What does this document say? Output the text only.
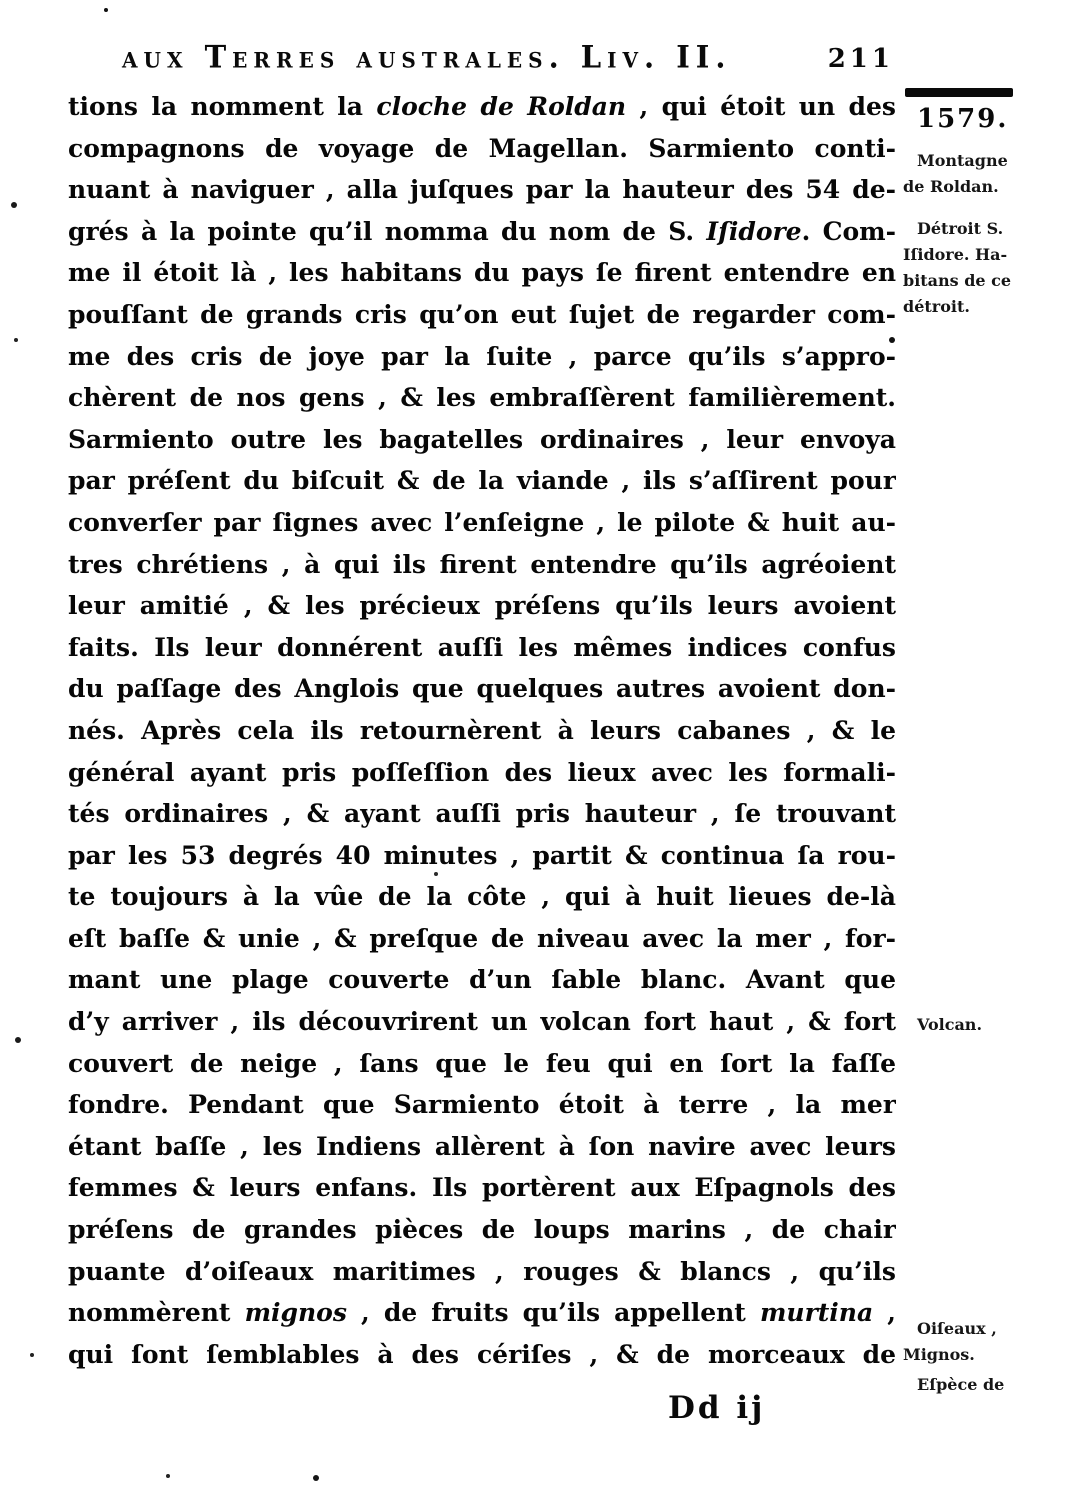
aux Terres australes. Liv. II.	211
tions la nomment la cloche de Roldan , qui étoit un des
compagnons de voyage de Magellan. Sarmiento conti-
nuant à naviguer , alla juſques par la hauteur des 54 de-
grés à la pointe qu’il nomma du nom de S. Iſidore. Com-
me il étoit là , les habitans du pays ſe firent entendre en
pouſſant de grands cris qu’on eut ſujet de regarder com-
me des cris de joye par la ſuite , parce qu’ils s’appro-
chèrent de nos gens , & les embraſſèrent familièrement.
Sarmiento outre les bagatelles ordinaires , leur envoya
par préſent du biſcuit & de la viande , ils s’aſſirent pour
converſer par ſignes avec l’enſeigne , le pilote & huit au-
tres chrétiens , à qui ils firent entendre qu’ils agréoient
leur amitié , & les précieux préſens qu’ils leurs avoient
faits. Ils leur donnérent auſſi les mêmes indices confus
du paſſage des Anglois que quelques autres avoient don-
nés. Après cela ils retournèrent à leurs cabanes , & le
général ayant pris poſſeſſion des lieux avec les formali-
tés ordinaires , & ayant auſſi pris hauteur , ſe trouvant
par les 53 degrés 40 minutes , partit & continua ſa rou-
te toujours à la vûe de la côte , qui à huit lieues de-là
eſt baſſe & unie , & preſque de niveau avec la mer , for-
mant une plage couverte d’un ſable blanc. Avant que
d’y arriver , ils découvrirent un volcan fort haut , & fort
couvert de neige , ſans que le feu qui en ſort la faſſe
fondre. Pendant que Sarmiento étoit à terre , la mer
étant baſſe , les Indiens allèrent à ſon navire avec leurs
femmes & leurs enfans. Ils portèrent aux Eſpagnols des
préſens de grandes pièces de loups marins , de chair
puante d’oiſeaux maritimes , rouges & blancs , qu’ils
nommèrent mignos , de fruits qu’ils appellent murtina ,
qui ſont ſemblables à des cériſes , & de morceaux de
1579.
Montagne
de Roldan.
Détroit S.
Iſidore. Ha-
bitans de ce
détroit.
Volcan.
Oiſeaux ,
Mignos.
Eſpèce de
Dd ij
